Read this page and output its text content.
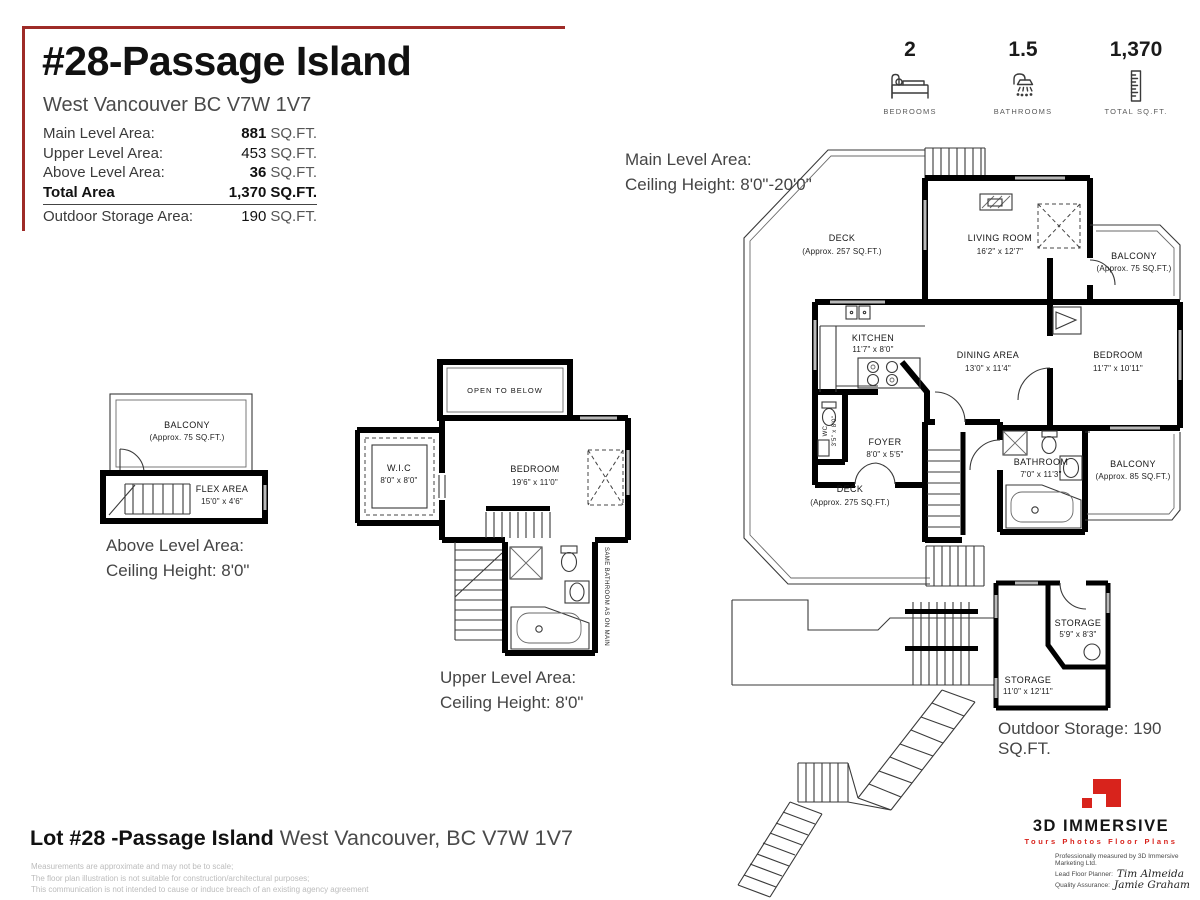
#28-Passage Island
West Vancouver BC V7W 1V7
Main Level Area:	881 SQ.FT.
Upper Level Area:	453 SQ.FT.
Above Level Area:	36 SQ.FT.
Total Area	1,370 SQ.FT.
Outdoor Storage Area:	190 SQ.FT.
2
BEDROOMS
1.5
BATHROOMS
1,370
TOTAL SQ.FT.
Main Level Area:
Ceiling Height: 8'0"-20'0"
Upper Level Area:
Ceiling Height: 8'0"
Above Level Area:
Ceiling Height: 8'0"
Outdoor Storage: 190 SQ.FT.
DECK
(Approx. 257 SQ.FT.)
LIVING ROOM
16'2" x 12'7"	BALCONY
(Approx. 75 SQ.FT.)
KITCHEN
11'7" x 8'0"
DINING AREA
13'0" x 11'4"
BEDROOM
11'7" x 10'11"
WC 3'5" x 8'0"	FOYER
8'0" x 5'5"
BATHROOM
7'0" x 11'3"
BALCONY
(Approx. 85 SQ.FT.)
DECK
(Approx. 275 SQ.FT.)
STORAGE
5'9" x 8'3"
STORAGE
11'0" x 12'11"
OPEN TO BELOW
W.I.C
8'0" x 8'0"
BEDROOM
19'6" x 11'0"
SAME BATHROOM AS ON MAIN
BALCONY
(Approx. 75 SQ.FT.)
FLEX AREA
15'0" x 4'6"
Lot #28 -Passage Island West Vancouver, BC V7W 1V7
Measurements are approximate and may not be to scale;
The floor plan illustration is not suitable for construction/architectural purposes;
This communication is not intended to cause or induce breach of an existing agency agreement
3D IMMERSIVE
Tours Photos Floor Plans
Professionally measured by 3D Immersive Marketing Ltd.
Lead Floor Planner: Tim Almeida
Quality Assurance: Jamie Graham
